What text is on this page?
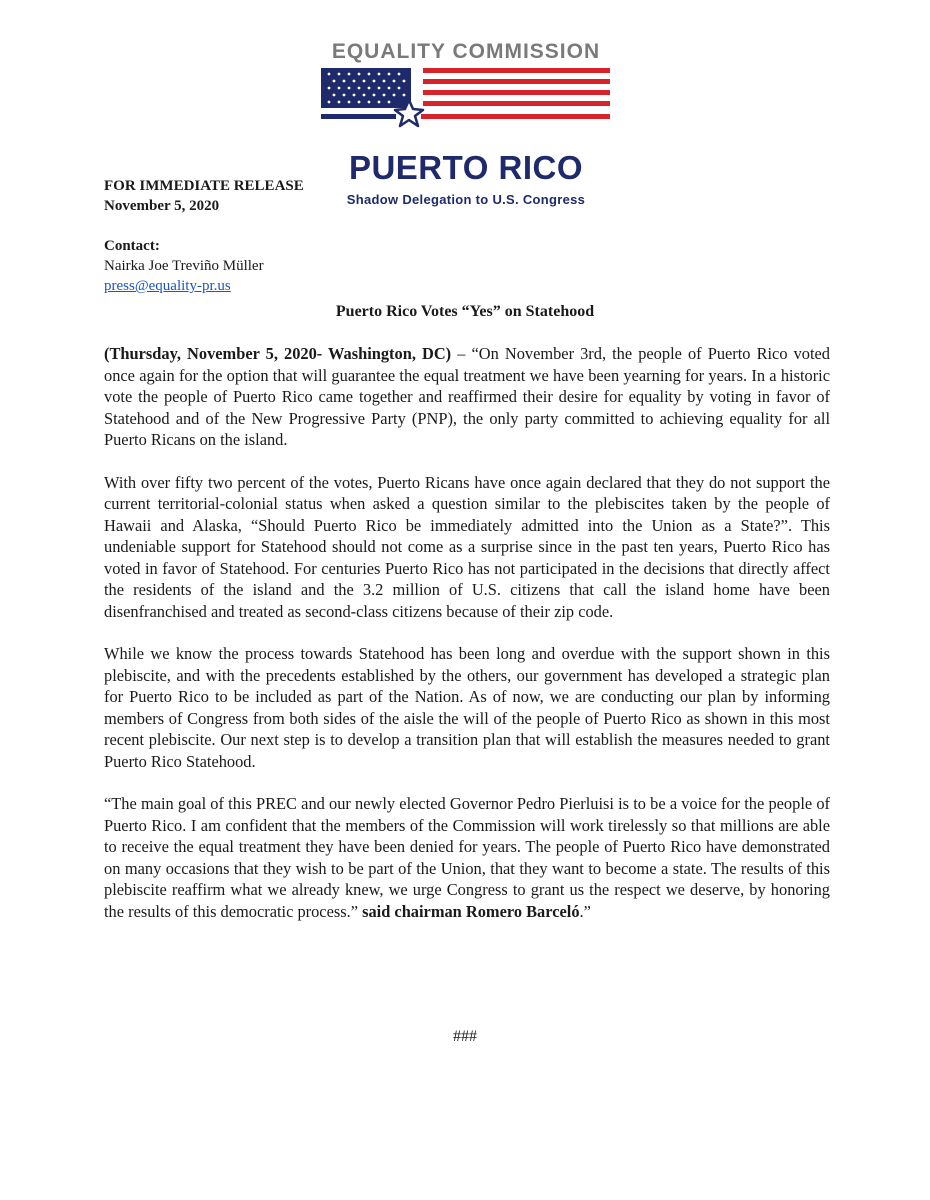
EQUALITY COMMISSION
PUERTO RICO
Shadow Delegation to U.S. Congress
FOR IMMEDIATE RELEASE
November 5, 2020
Contact:
Nairka Joe Treviño Müller
press@equality-pr.us
Puerto Rico Votes “Yes” on Statehood

(Thursday, November 5, 2020- Washington, DC) – “On November 3rd, the people of Puerto Rico voted once again for the option that will guarantee the equal treatment we have been yearning for years. In a historic vote the people of Puerto Rico came together and reaffirmed their desire for equality by voting in favor of Statehood and of the New Progressive Party (PNP), the only party committed to achieving equality for all Puerto Ricans on the island.

With over fifty two percent of the votes, Puerto Ricans have once again declared that they do not support the current territorial-colonial status when asked a question similar to the plebiscites taken by the people of Hawaii and Alaska, “Should Puerto Rico be immediately admitted into the Union as a State?”. This undeniable support for Statehood should not come as a surprise since in the past ten years, Puerto Rico has voted in favor of Statehood. For centuries Puerto Rico has not participated in the decisions that directly affect the residents of the island and the 3.2 million of U.S. citizens that call the island home have been disenfranchised and treated as second-class citizens because of their zip code.

While we know the process towards Statehood has been long and overdue with the support shown in this plebiscite, and with the precedents established by the others, our government has developed a strategic plan for Puerto Rico to be included as part of the Nation. As of now, we are conducting our plan by informing members of Congress from both sides of the aisle the will of the people of Puerto Rico as shown in this most recent plebiscite. Our next step is to develop a transition plan that will establish the measures needed to grant Puerto Rico Statehood.

“The main goal of this PREC and our newly elected Governor Pedro Pierluisi is to be a voice for the people of Puerto Rico. I am confident that the members of the Commission will work tirelessly so that millions are able to receive the equal treatment they have been denied for years. The people of Puerto Rico have demonstrated on many occasions that they wish to be part of the Union, that they want to become a state. The results of this plebiscite reaffirm what we already knew, we urge Congress to grant us the respect we deserve, by honoring the results of this democratic process.” said chairman Romero Barceló.”

###
